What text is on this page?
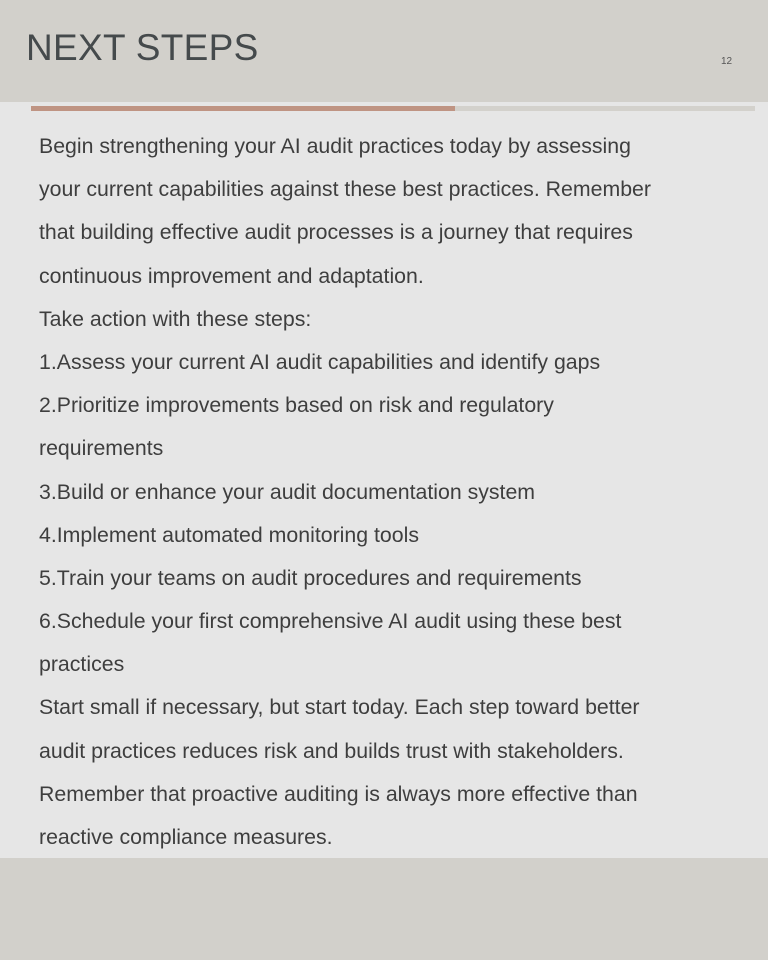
NEXT STEPS	12
Begin strengthening your AI audit practices today by assessing
your current capabilities against these best practices. Remember
that building effective audit processes is a journey that requires
continuous improvement and adaptation.
Take action with these steps:
1.Assess your current AI audit capabilities and identify gaps
2.Prioritize improvements based on risk and regulatory
requirements
3.Build or enhance your audit documentation system
4.Implement automated monitoring tools
5.Train your teams on audit procedures and requirements
6.Schedule your first comprehensive AI audit using these best
practices
Start small if necessary, but start today. Each step toward better
audit practices reduces risk and builds trust with stakeholders.
Remember that proactive auditing is always more effective than
reactive compliance measures.
